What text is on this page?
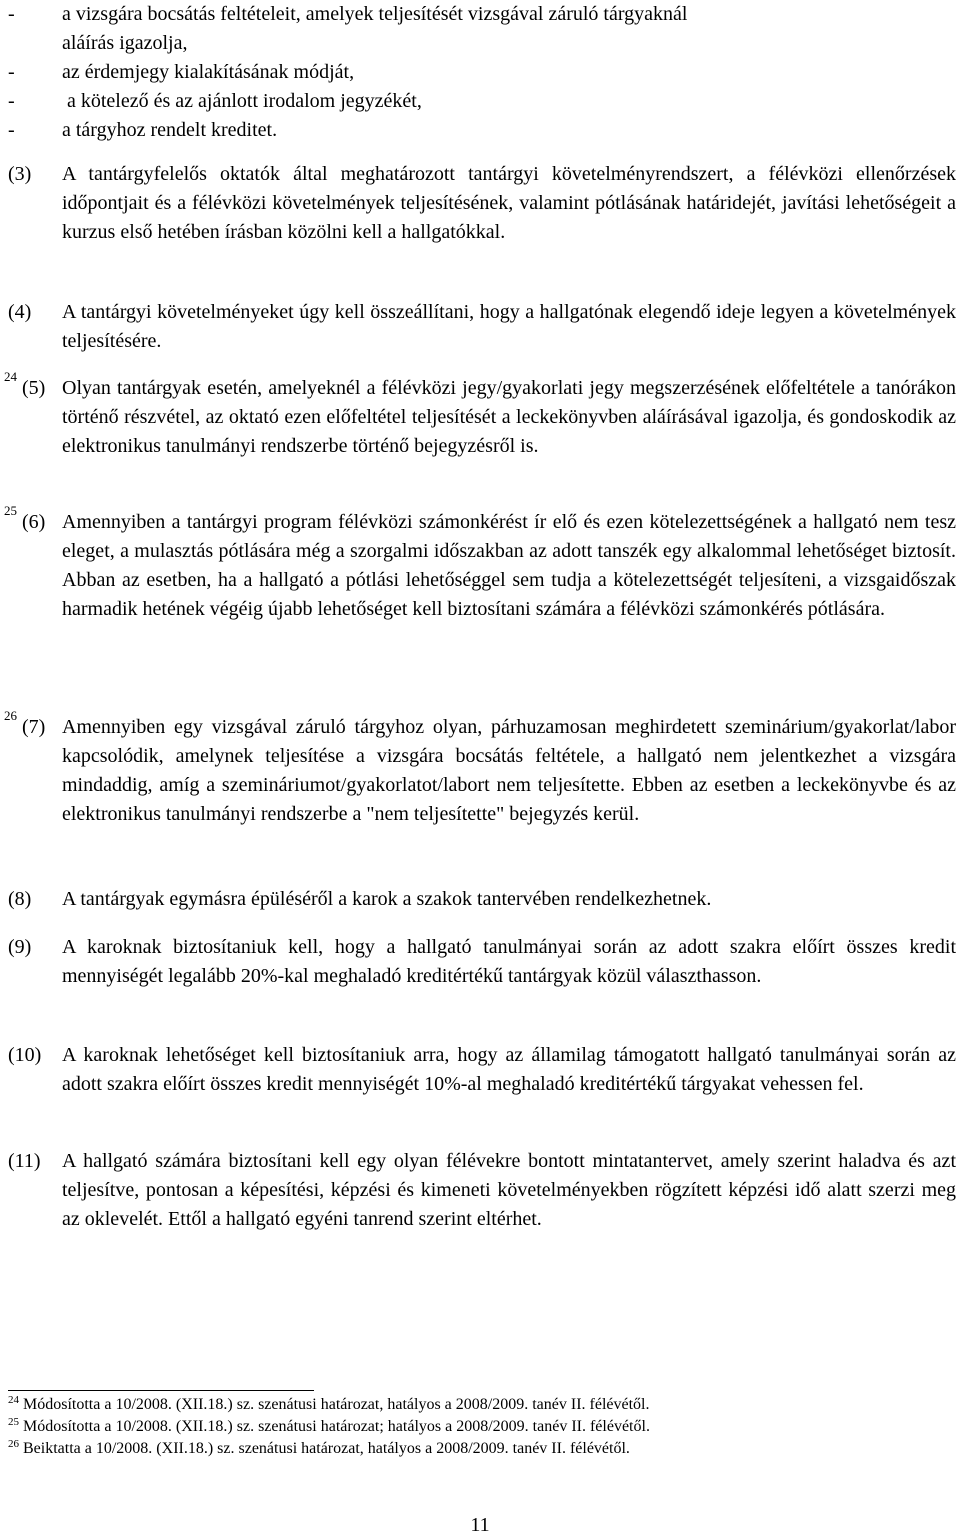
- a vizsgára bocsátás feltételeit, amelyek teljesítését vizsgával záruló tárgyaknál
aláírás igazolja,
- az érdemjegy kialakításának módját,
- a kötelező és az ajánlott irodalom jegyzékét,
- a tárgyhoz rendelt kreditet.
(3) A tantárgyfelelős oktatók által meghatározott tantárgyi követelményrendszert, a félévközi ellenőrzések időpontjait és a félévközi követelmények teljesítésének, valamint pótlásának határidejét, javítási lehetőségeit a kurzus első hetében írásban közölni kell a hallgatókkal.
(4) A tantárgyi követelményeket úgy kell összeállítani, hogy a hallgatónak elegendő ideje legyen a követelmények teljesítésére.
24
(5) Olyan tantárgyak esetén, amelyeknél a félévközi jegy/gyakorlati jegy megszerzésének előfeltétele a tanórákon történő részvétel, az oktató ezen előfeltétel teljesítését a leckekönyvben aláírásával igazolja, és gondoskodik az elektronikus tanulmányi rendszerbe történő bejegyzésről is.
25
(6) Amennyiben a tantárgyi program félévközi számonkérést ír elő és ezen kötelezettségének a hallgató nem tesz eleget, a mulasztás pótlására még a szorgalmi időszakban az adott tanszék egy alkalommal lehetőséget biztosít. Abban az esetben, ha a hallgató a pótlási lehetőséggel sem tudja a kötelezettségét teljesíteni, a vizsgaidőszak harmadik hetének végéig újabb lehetőséget kell biztosítani számára a félévközi számonkérés pótlására.
26
(7) Amennyiben egy vizsgával záruló tárgyhoz olyan, párhuzamosan meghirdetett szeminárium/gyakorlat/labor kapcsolódik, amelynek teljesítése a vizsgára bocsátás feltétele, a hallgató nem jelentkezhet a vizsgára mindaddig, amíg a szemináriumot/gyakorlatot/labort nem teljesítette. Ebben az esetben a leckekönyvbe és az elektronikus tanulmányi rendszerbe a "nem teljesítette" bejegyzés kerül.
(8) A tantárgyak egymásra épüléséről a karok a szakok tantervében rendelkezhetnek.
(9) A karoknak biztosítaniuk kell, hogy a hallgató tanulmányai során az adott szakra előírt összes kredit mennyiségét legalább 20%-kal meghaladó kreditértékű tantárgyak közül választhasson.
(10) A karoknak lehetőséget kell biztosítaniuk arra, hogy az államilag támogatott hallgató tanulmányai során az adott szakra előírt összes kredit mennyiségét 10%-al meghaladó kreditértékű tárgyakat vehessen fel.
(11) A hallgató számára biztosítani kell egy olyan félévekre bontott mintatantervet, amely szerint haladva és azt teljesítve, pontosan a képesítési, képzési és kimeneti követelményekben rögzített képzési idő alatt szerzi meg az oklevelét. Ettől a hallgató egyéni tanrend szerint eltérhet.
$^{24}$ Módosította a 10/2008. (XII.18.) sz. szenátusi határozat, hatályos a 2008/2009. tanév II. félévétől.
$^{25}$ Módosította a 10/2008. (XII.18.) sz. szenátusi határozat; hatályos a 2008/2009. tanév II. félévétől.
$^{26}$ Beiktatta a 10/2008. (XII.18.) sz. szenátusi határozat, hatályos a 2008/2009. tanév II. félévétől.
11
